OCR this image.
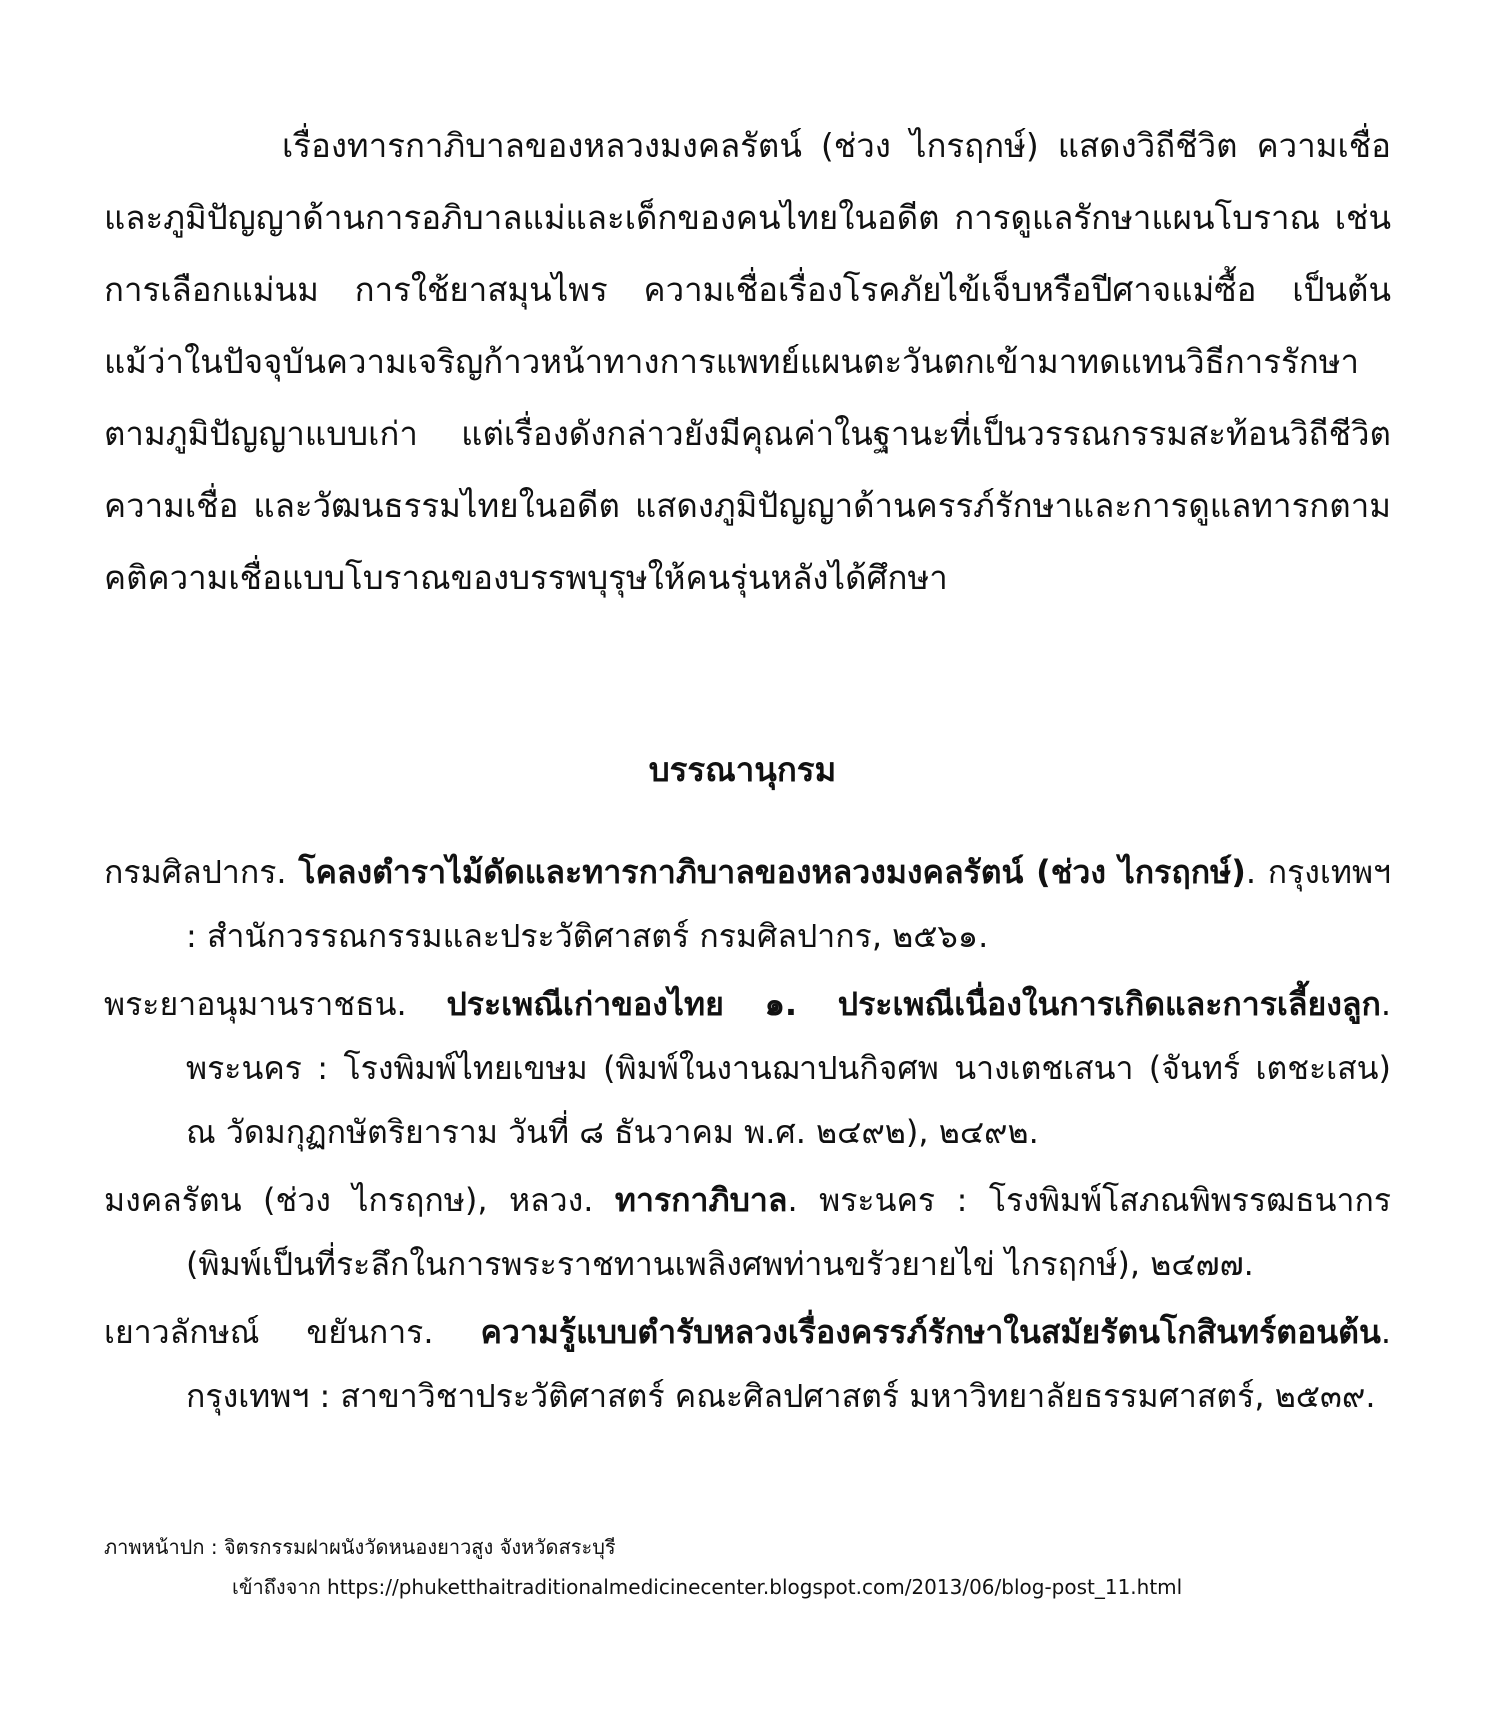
เรื่องทารกาภิบาลของหลวงมงคลรัตน์ (ช่วง ไกรฤกษ์) แสดงวิถีชีวิต ความเชื่อและภูมิปัญญาด้านการอภิบาลแม่และเด็กของคนไทยในอดีต การดูแลรักษาแผนโบราณ เช่น การเลือกแม่นม การใช้ยาสมุนไพร ความเชื่อเรื่องโรคภัยไข้เจ็บหรือปีศาจแม่ซื้อ เป็นต้น แม้ว่าในปัจจุบันความเจริญก้าวหน้าทางการแพทย์แผนตะวันตกเข้ามาทดแทนวิธีการรักษาตามภูมิปัญญาแบบเก่า แต่เรื่องดังกล่าวยังมีคุณค่าในฐานะที่เป็นวรรณกรรมสะท้อนวิถีชีวิต ความเชื่อ และวัฒนธรรมไทยในอดีต แสดงภูมิปัญญาด้านครรภ์รักษาและการดูแลทารกตามคติความเชื่อแบบโบราณของบรรพบุรุษให้คนรุ่นหลังได้ศึกษา

บรรณานุกรม

กรมศิลปากร. โคลงตำราไม้ดัดและทารกาภิบาลของหลวงมงคลรัตน์ (ช่วง ไกรฤกษ์). กรุงเทพฯ : สำนักวรรณกรรมและประวัติศาสตร์ กรมศิลปากร, ๒๕๖๑.

พระยาอนุมานราชธน. ประเพณีเก่าของไทย ๑. ประเพณีเนื่องในการเกิดและการเลี้ยงลูก. พระนคร : โรงพิมพ์ไทยเขษม (พิมพ์ในงานฌาปนกิจศพ นางเตชเสนา (จันทร์ เตชะเสน) ณ วัดมกุฏกษัตริยาราม วันที่ ๘ ธันวาคม พ.ศ. ๒๔๙๒), ๒๔๙๒.

มงคลรัตน (ช่วง ไกรฤกษ), หลวง. ทารกาภิบาล. พระนคร : โรงพิมพ์โสภณพิพรรฒธนากร (พิมพ์เป็นที่ระลึกในการพระราชทานเพลิงศพท่านขรัวยายไข่ ไกรฤกษ์), ๒๔๗๗.

เยาวลักษณ์ ขยันการ. ความรู้แบบตำรับหลวงเรื่องครรภ์รักษาในสมัยรัตนโกสินทร์ตอนต้น. กรุงเทพฯ : สาขาวิชาประวัติศาสตร์ คณะศิลปศาสตร์ มหาวิทยาลัยธรรมศาสตร์, ๒๕๓๙.

ภาพหน้าปก : จิตรกรรมฝาผนังวัดหนองยาวสูง จังหวัดสระบุรี

เข้าถึงจาก https://phuketthaitraditionalmedicinecenter.blogspot.com/2013/06/blog-post_11.html
